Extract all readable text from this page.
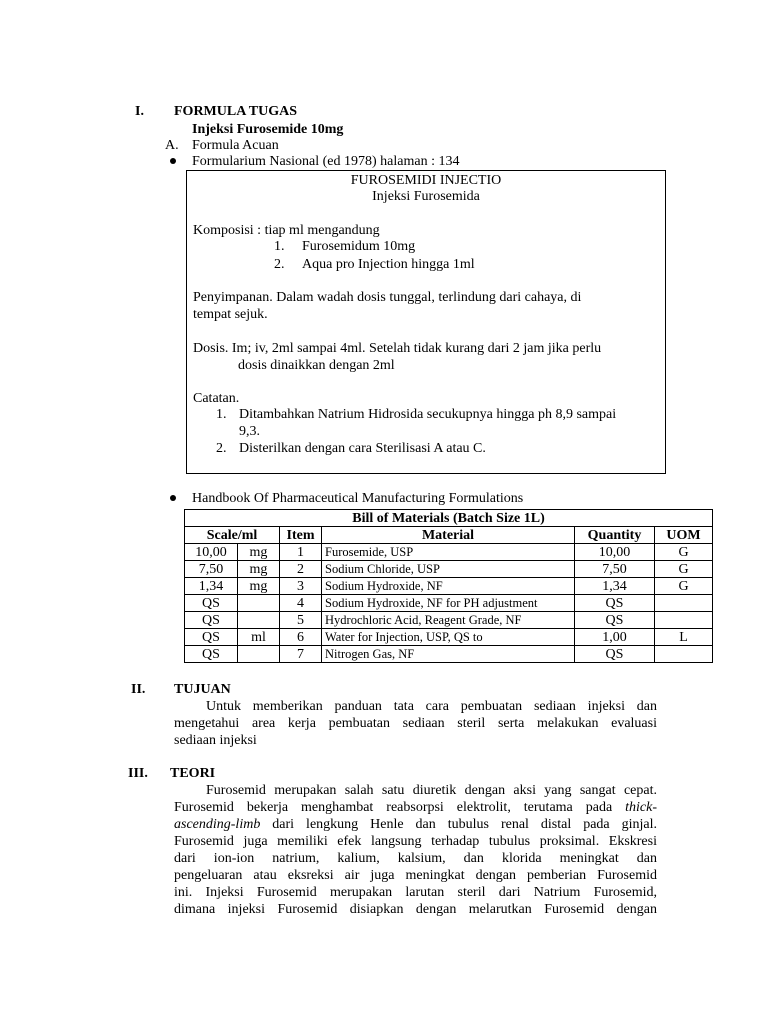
I. FORMULA TUGAS
Injeksi Furosemide 10mg
A. Formula Acuan
Formularium Nasional (ed 1978) halaman : 134
FUROSEMIDI INJECTIO
Injeksi Furosemida
Komposisi : tiap ml mengandung
1. Furosemidum 10mg
2. Aqua pro Injection hingga 1ml
Penyimpanan. Dalam wadah dosis tunggal, terlindung dari cahaya, di
tempat sejuk.
Dosis. Im; iv, 2ml sampai 4ml. Setelah tidak kurang dari 2 jam jika perlu
dosis dinaikkan dengan 2ml
Catatan.
1. Ditambahkan Natrium Hidrosida secukupnya hingga ph 8,9 sampai
9,3.
2. Disterilkan dengan cara Sterilisasi A atau C.
Handbook Of Pharmaceutical Manufacturing Formulations
Bill of Materials (Batch Size 1L)					
Scale/ml		Item	Material	Quantity	UOM
10,00	mg	1	Furosemide, USP	10,00	G
7,50	mg	2	Sodium Chloride, USP	7,50	G
1,34	mg	3	Sodium Hydroxide, NF	1,34	G
QS		4	Sodium Hydroxide, NF for PH adjustment	QS	
QS		5	Hydrochloric Acid, Reagent Grade, NF	QS	
QS	ml	6	Water for Injection, USP, QS to	1,00	L
QS		7	Nitrogen Gas, NF	QS	
II. TUJUAN
Untuk memberikan panduan tata cara pembuatan sediaan injeksi dan
mengetahui area kerja pembuatan sediaan steril serta melakukan evaluasi
sediaan injeksi
III. TEORI
Furosemid merupakan salah satu diuretik dengan aksi yang sangat cepat.
Furosemid bekerja menghambat reabsorpsi elektrolit, terutama pada thick-
ascending-limb dari lengkung Henle dan tubulus renal distal pada ginjal.
Furosemid juga memiliki efek langsung terhadap tubulus proksimal. Ekskresi
dari ion-ion natrium, kalium, kalsium, dan klorida meningkat dan
pengeluaran atau eksreksi air juga meningkat dengan pemberian Furosemid
ini. Injeksi Furosemid merupakan larutan steril dari Natrium Furosemid,
dimana injeksi Furosemid disiapkan dengan melarutkan Furosemid dengan
